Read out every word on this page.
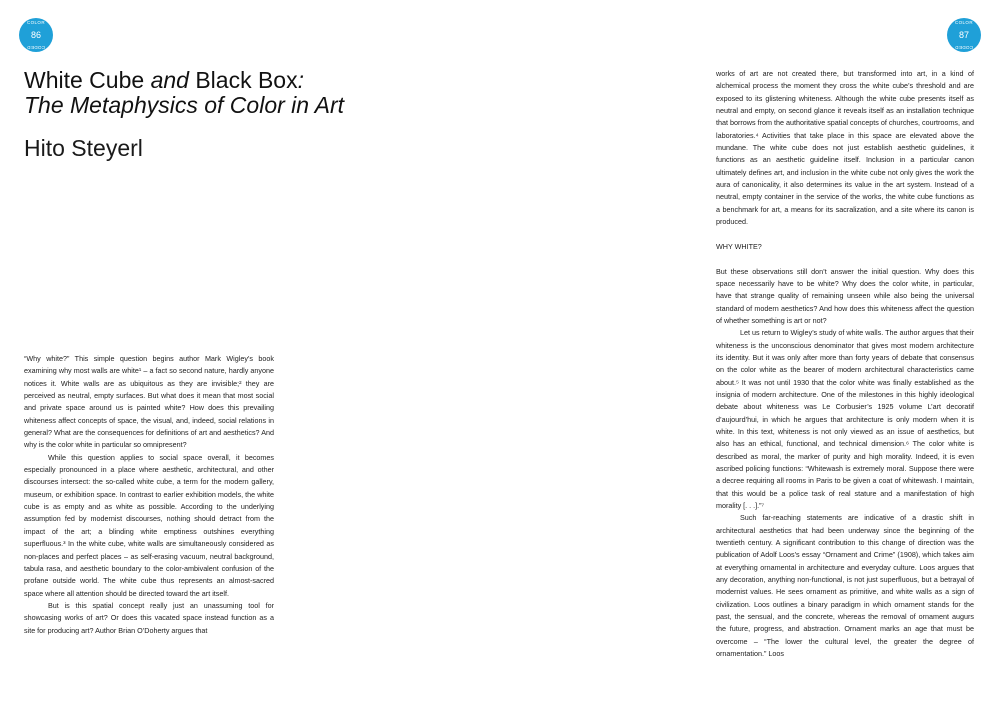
COLOR
86
CODED
White Cube and Black Box:
The Metaphysics of Color in Art
Hito Steyerl

“Why white?” This simple question begins author Mark Wigley’s book examining why most walls are white¹ – a fact so second nature, hardly anyone notices it. White walls are as ubiquitous as they are invisible;² they are perceived as neutral, empty surfaces. But what does it mean that most social and private space around us is painted white? How does this prevailing whiteness affect concepts of space, the visual, and, indeed, social relations in general? What are the consequences for definitions of art and aesthetics? And why is the color white in particular so omnipresent?

While this question applies to social space overall, it becomes especially pronounced in a place where aesthetic, architectural, and other discourses intersect: the so-called white cube, a term for the modern gallery, museum, or exhibition space. In contrast to earlier exhibition models, the white cube is as empty and as white as possible. According to the underlying assumption fed by modernist discourses, nothing should detract from the impact of the art; a blinding white emptiness outshines everything superfluous.³ In the white cube, white walls are simultaneously considered as non-places and perfect places – as self-erasing vacuum, neutral background, tabula rasa, and aesthetic boundary to the color-ambivalent confusion of the profane outside world. The white cube thus represents an almost-sacred space where all attention should be directed toward the art itself.

But is this spatial concept really just an unassuming tool for showcasing works of art? Or does this vacated space instead function as a site for producing art? Author Brian O’Doherty argues that

COLOR
87
CODED

works of art are not created there, but transformed into art, in a kind of alchemical process the moment they cross the white cube’s threshold and are exposed to its glistening whiteness. Although the white cube presents itself as neutral and empty, on second glance it reveals itself as an installation technique that borrows from the authoritative spatial concepts of churches, courtrooms, and laboratories.⁴ Activities that take place in this space are elevated above the mundane. The white cube does not just establish aesthetic guidelines, it functions as an aesthetic guideline itself. Inclusion in a particular canon ultimately defines art, and inclusion in the white cube not only gives the work the aura of canonicality, it also determines its value in the art system. Instead of a neutral, empty container in the service of the works, the white cube functions as a benchmark for art, a means for its sacralization, and a site where its canon is produced.

WHY WHITE?

But these observations still don’t answer the initial question. Why does this space necessarily have to be white? Why does the color white, in particular, have that strange quality of remaining unseen while also being the universal standard of modern aesthetics? And how does this whiteness affect the question of whether something is art or not?

Let us return to Wigley’s study of white walls. The author argues that their whiteness is the unconscious denominator that gives most modern architecture its identity. But it was only after more than forty years of debate that consensus on the color white as the bearer of modern architectural characteristics came about.⁵ It was not until 1930 that the color white was finally established as the insignia of modern architecture. One of the milestones in this highly ideological debate about whiteness was Le Corbusier’s 1925 volume L’art decoratif d’aujourd’hui, in which he argues that architecture is only modern when it is white. In this text, whiteness is not only viewed as an issue of aesthetics, but also has an ethical, functional, and technical dimension.⁶ The color white is described as moral, the marker of purity and high morality. Indeed, it is even ascribed policing functions: “Whitewash is extremely moral. Suppose there were a decree requiring all rooms in Paris to be given a coat of whitewash. I maintain, that this would be a police task of real stature and a manifestation of high morality [. . .].”⁷

Such far-reaching statements are indicative of a drastic shift in architectural aesthetics that had been underway since the beginning of the twentieth century. A significant contribution to this change of direction was the publication of Adolf Loos’s essay “Ornament and Crime” (1908), which takes aim at everything ornamental in architecture and everyday culture. Loos argues that any decoration, anything non-functional, is not just superfluous, but a betrayal of modernist values. He sees ornament as primitive, and white walls as a sign of civilization. Loos outlines a binary paradigm in which ornament stands for the past, the sensual, and the concrete, whereas the removal of ornament augurs the future, progress, and abstraction. Ornament marks an age that must be overcome – “The lower the cultural level, the greater the degree of ornamentation.” Loos
